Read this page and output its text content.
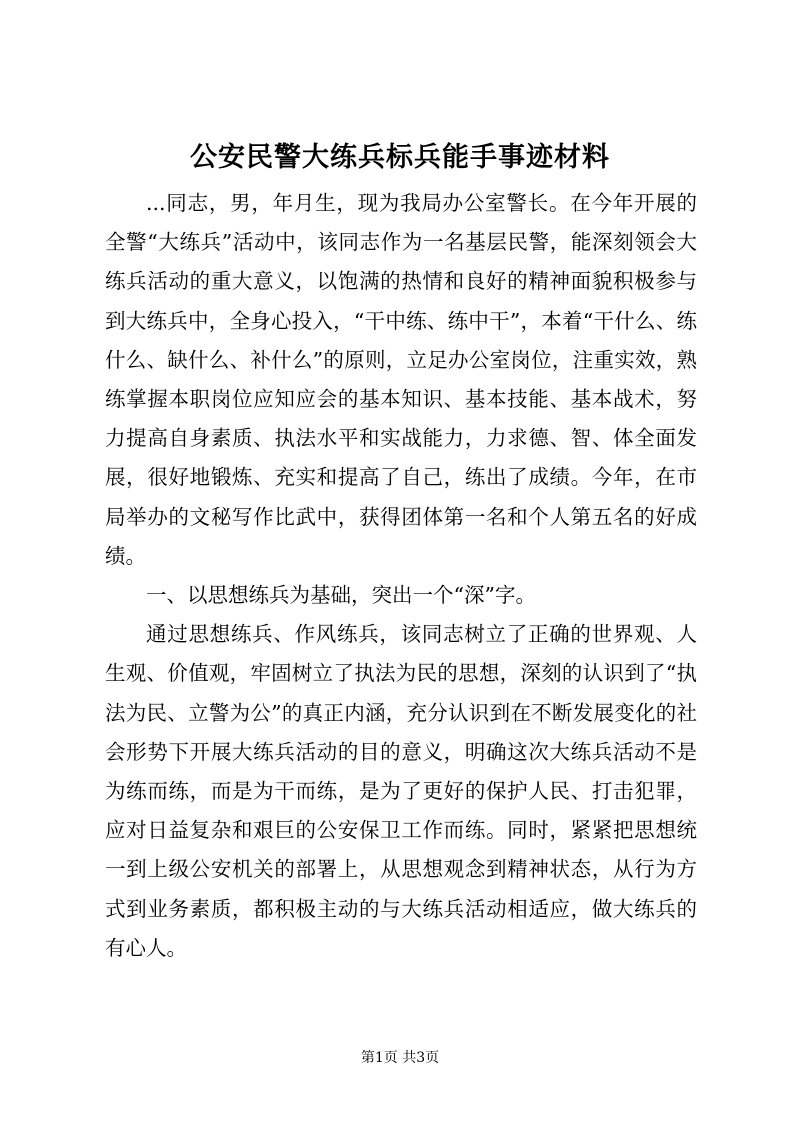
公安民警大练兵标兵能手事迹材料

...同志，男，年月生，现为我局办公室警长。在今年开展的全警“大练兵”活动中，该同志作为一名基层民警，能深刻领会大练兵活动的重大意义，以饱满的热情和良好的精神面貌积极参与到大练兵中，全身心投入，“干中练、练中干”，本着“干什么、练什么、缺什么、补什么”的原则，立足办公室岗位，注重实效，熟练掌握本职岗位应知应会的基本知识、基本技能、基本战术，努力提高自身素质、执法水平和实战能力，力求德、智、体全面发展，很好地锻炼、充实和提高了自己，练出了成绩。今年，在市局举办的文秘写作比武中，获得团体第一名和个人第五名的好成绩。

一、以思想练兵为基础，突出一个“深”字。

通过思想练兵、作风练兵，该同志树立了正确的世界观、人生观、价值观，牢固树立了执法为民的思想，深刻的认识到了“执法为民、立警为公”的真正内涵，充分认识到在不断发展变化的社会形势下开展大练兵活动的目的意义，明确这次大练兵活动不是为练而练，而是为干而练，是为了更好的保护人民、打击犯罪，应对日益复杂和艰巨的公安保卫工作而练。同时，紧紧把思想统一到上级公安机关的部署上，从思想观念到精神状态，从行为方式到业务素质，都积极主动的与大练兵活动相适应，做大练兵的有心人。

第1页 共3页
